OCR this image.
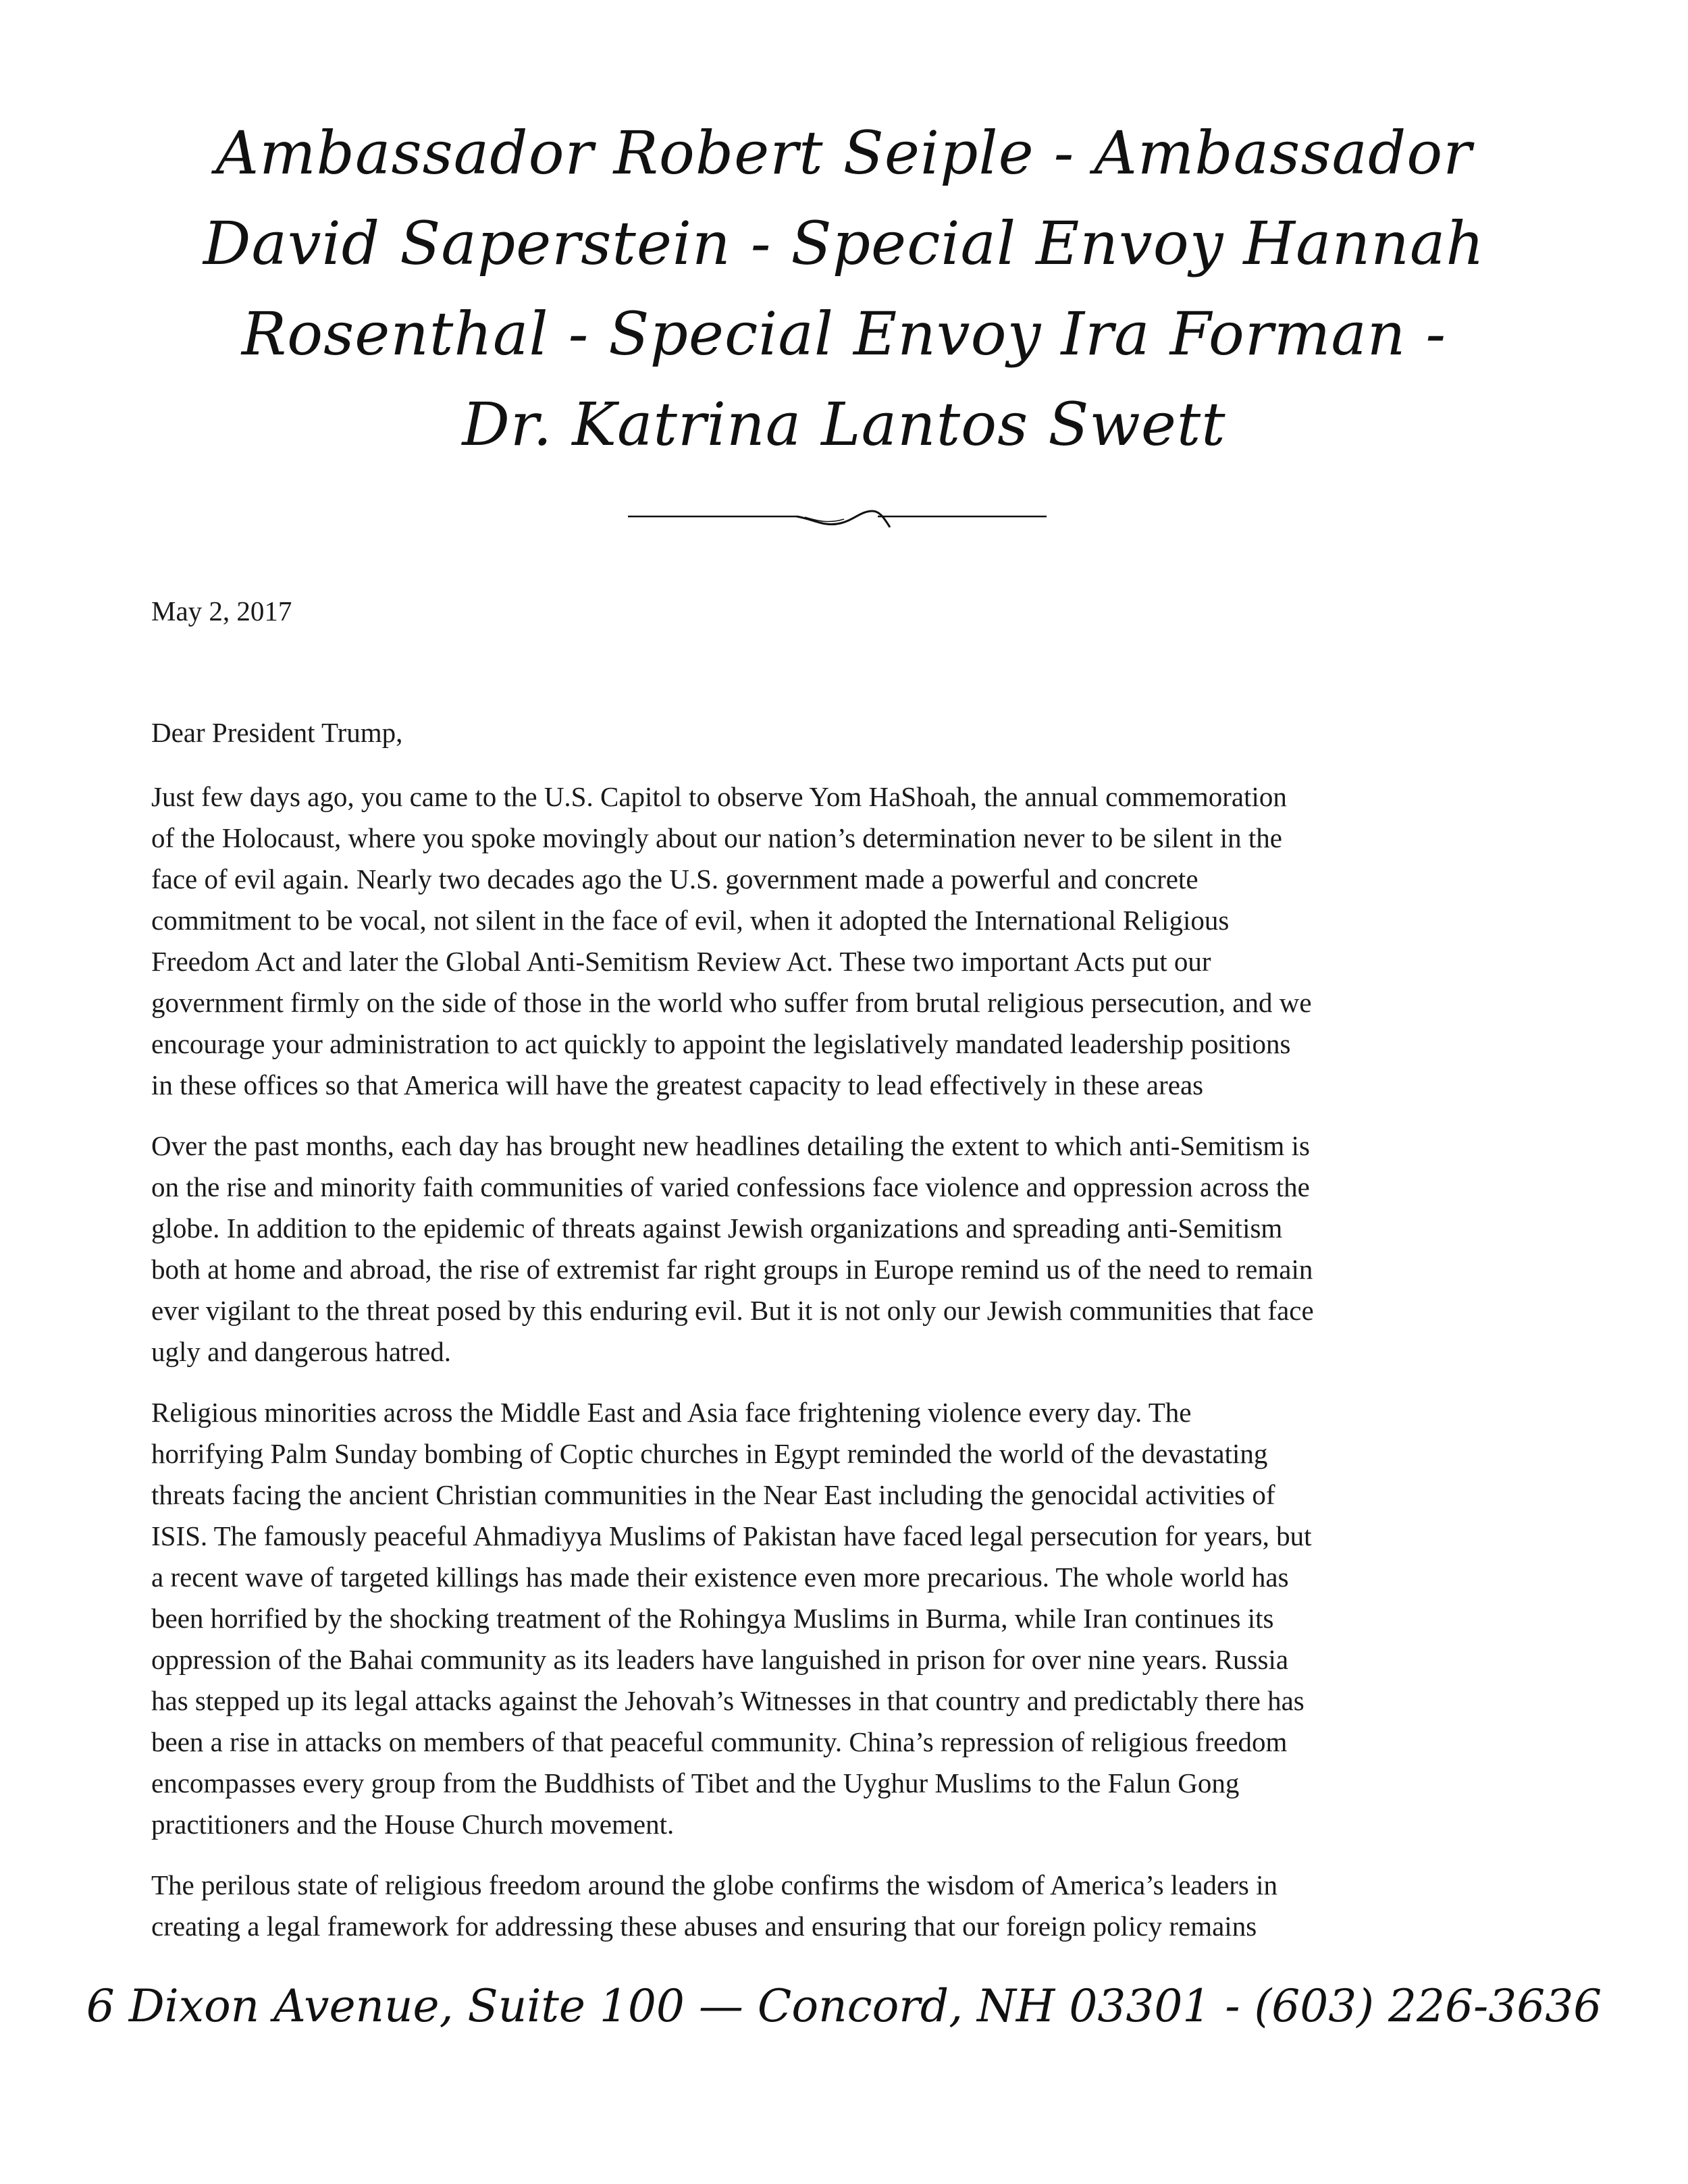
Ambassador Robert Seiple - Ambassador
David Saperstein - Special Envoy Hannah
Rosenthal - Special Envoy Ira Forman -
Dr. Katrina Lantos Swett
May 2, 2017
Dear President Trump,

Just few days ago, you came to the U.S. Capitol to observe Yom HaShoah, the annual commemoration
of the Holocaust, where you spoke movingly about our nation’s determination never to be silent in the
face of evil again. Nearly two decades ago the U.S. government made a powerful and concrete
commitment to be vocal, not silent in the face of evil, when it adopted the International Religious
Freedom Act and later the Global Anti-Semitism Review Act. These two important Acts put our
government firmly on the side of those in the world who suffer from brutal religious persecution, and we
encourage your administration to act quickly to appoint the legislatively mandated leadership positions
in these offices so that America will have the greatest capacity to lead effectively in these areas

Over the past months, each day has brought new headlines detailing the extent to which anti-Semitism is
on the rise and minority faith communities of varied confessions face violence and oppression across the
globe. In addition to the epidemic of threats against Jewish organizations and spreading anti-Semitism
both at home and abroad, the rise of extremist far right groups in Europe remind us of the need to remain
ever vigilant to the threat posed by this enduring evil. But it is not only our Jewish communities that face
ugly and dangerous hatred.

Religious minorities across the Middle East and Asia face frightening violence every day. The
horrifying Palm Sunday bombing of Coptic churches in Egypt reminded the world of the devastating
threats facing the ancient Christian communities in the Near East including the genocidal activities of
ISIS. The famously peaceful Ahmadiyya Muslims of Pakistan have faced legal persecution for years, but
a recent wave of targeted killings has made their existence even more precarious. The whole world has
been horrified by the shocking treatment of the Rohingya Muslims in Burma, while Iran continues its
oppression of the Bahai community as its leaders have languished in prison for over nine years. Russia
has stepped up its legal attacks against the Jehovah’s Witnesses in that country and predictably there has
been a rise in attacks on members of that peaceful community. China’s repression of religious freedom
encompasses every group from the Buddhists of Tibet and the Uyghur Muslims to the Falun Gong
practitioners and the House Church movement.

The perilous state of religious freedom around the globe confirms the wisdom of America’s leaders in
creating a legal framework for addressing these abuses and ensuring that our foreign policy remains

6 Dixon Avenue, Suite 100 — Concord, NH 03301 - (603) 226-3636
